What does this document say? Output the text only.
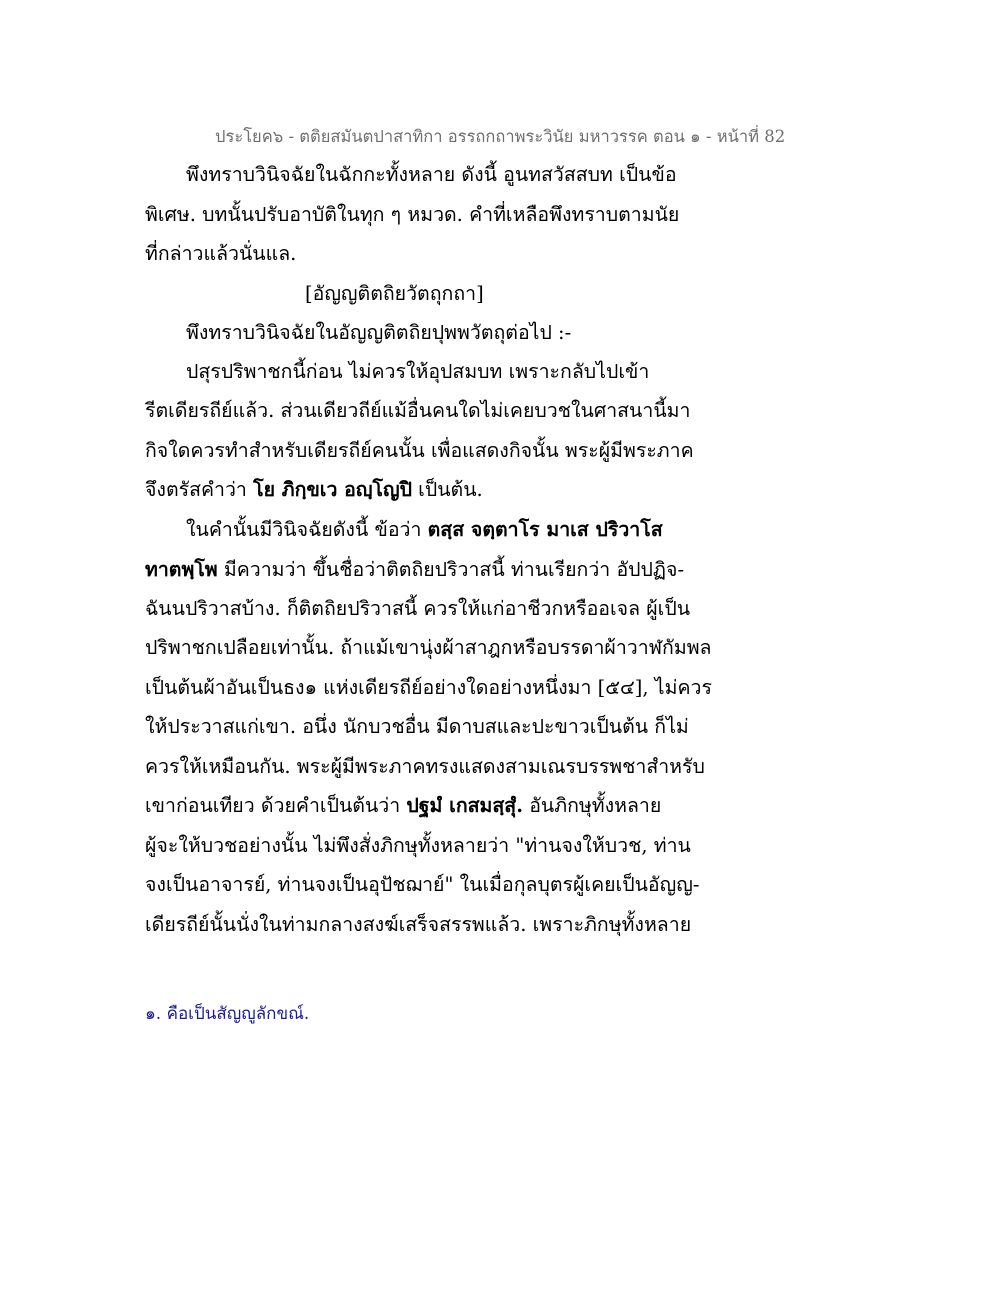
ประโยค๖ - ตติยสมันตปาสาทิกา อรรถกถาพระวินัย มหาวรรค ตอน ๑ - หน้าที่ 82
พึงทราบวินิจฉัยในฉักกะทั้งหลาย ดังนี้ อูนทสวัสสบท เป็นข้อ
พิเศษ. บทนั้นปรับอาบัติในทุก ๆ หมวด. คำที่เหลือพึงทราบตามนัย
ที่กล่าวแล้วนั่นแล.
[อัญญติตถิยวัตถุกถา]
พึงทราบวินิจฉัยในอัญญติตถิยปุพพวัตถุต่อไป :-
ปสุรปริพาชกนี้ก่อน ไม่ควรให้อุปสมบท เพราะกลับไปเข้า
รีตเดียรถีย์แล้ว. ส่วนเดียวถีย์แม้อื่นคนใดไม่เคยบวชในศาสนานี้มา
กิจใดควรทำสำหรับเดียรถีย์คนนั้น เพื่อแสดงกิจนั้น พระผู้มีพระภาค
จึงตรัสคำว่า โย ภิกฺขเว อญฺโญปิ เป็นต้น.
ในคำนั้นมีวินิจฉัยดังนี้ ข้อว่า ตสฺส จตฺตาโร มาเส ปริวาโส
ทาตพฺโพ มีความว่า ขึ้นชื่อว่าติตถิยปริวาสนี้ ท่านเรียกว่า อัปปฏิจ-
ฉันนปริวาสบ้าง. ก็ติตถิยปริวาสนี้ ควรให้แก่อาชีวกหรืออเจล ผู้เป็น
ปริพาชกเปลือยเท่านั้น. ถ้าแม้เขานุ่งผ้าสาฎกหรือบรรดาผ้าวาฬกัมพล
เป็นต้นผ้าอันเป็นธง๑ แห่งเดียรถีย์อย่างใดอย่างหนึ่งมา [๕๔], ไม่ควร
ให้ประวาสแก่เขา. อนึ่ง นักบวชอื่น มีดาบสและปะขาวเป็นต้น ก็ไม่
ควรให้เหมือนกัน. พระผู้มีพระภาคทรงแสดงสามเณรบรรพชาสำหรับ
เขาก่อนเทียว ด้วยคำเป็นต้นว่า ปฐมํ เกสมสฺสุํ. อันภิกษุทั้งหลาย
ผู้จะให้บวชอย่างนั้น ไม่พึงสั่งภิกษุทั้งหลายว่า "ท่านจงให้บวช, ท่าน
จงเป็นอาจารย์, ท่านจงเป็นอุปัชฌาย์" ในเมื่อกุลบุตรผู้เคยเป็นอัญญ-
เดียรถีย์นั้นนั่งในท่ามกลางสงฆ์เสร็จสรรพแล้ว. เพราะภิกษุทั้งหลาย
๑. คือเป็นสัญญูลักขณ์.
